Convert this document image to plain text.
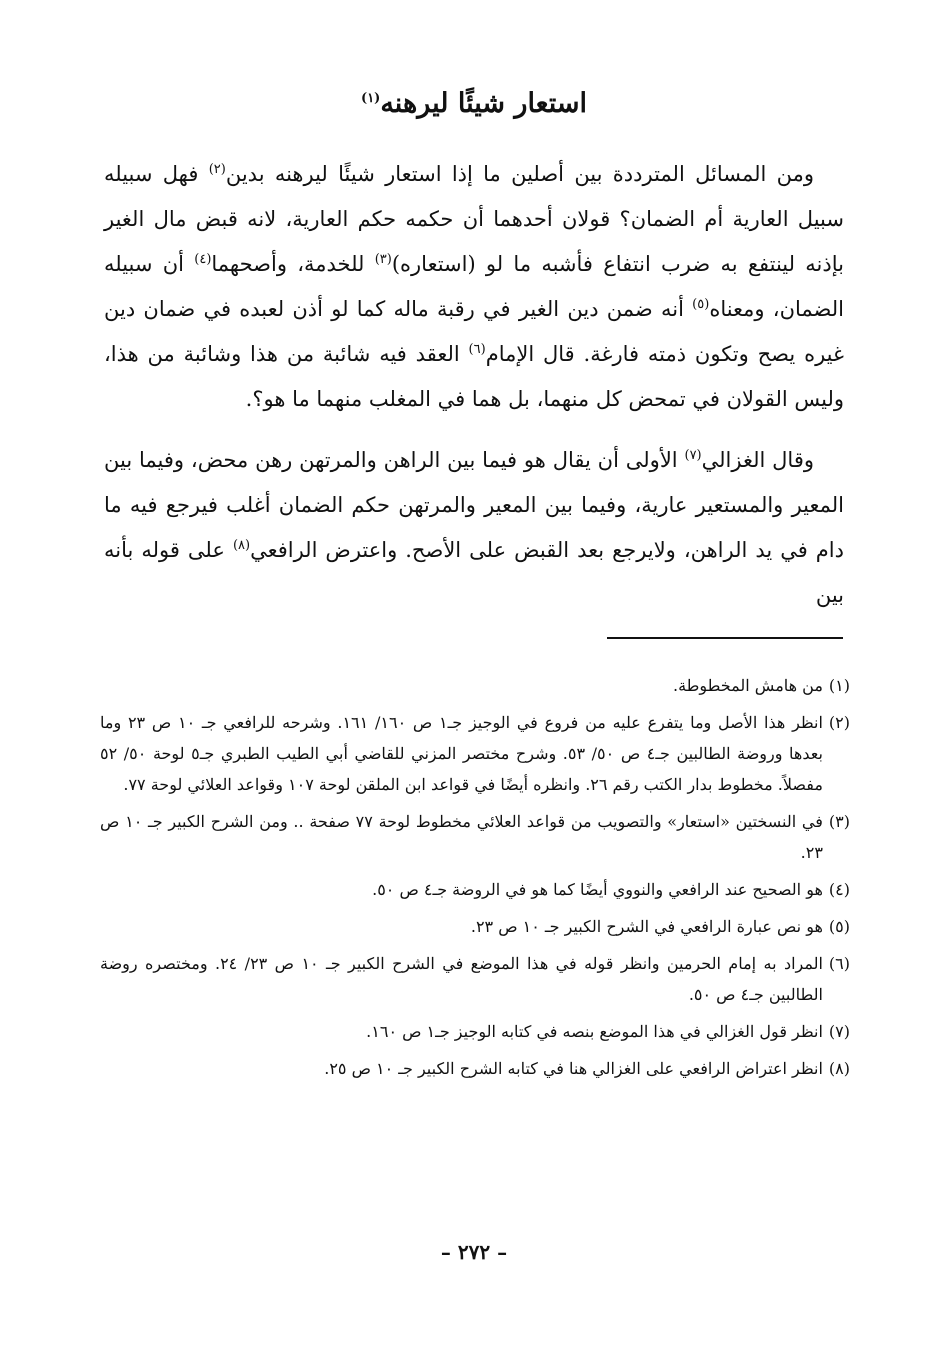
استعار شيئًا ليرهنه$^{(١)}$

ومن المسائل المترددة بين أصلين ما إذا استعار شيئًا ليرهنه بدين$^{(٢)}$ فهل سبيله سبيل العارية أم الضمان؟ قولان أحدهما أن حكمه حكم العارية، لانه قبض مال الغير بإذنه لينتفع به ضرب انتفاع فأشبه ما لو (استعاره)$^{(٣)}$ للخدمة، وأصحهما$^{(٤)}$ أن سبيله الضمان، ومعناه$^{(٥)}$ أنه ضمن دين الغير في رقبة ماله كما لو أذن لعبده في ضمان دين غيره يصح وتكون ذمته فارغة. قال الإمام$^{(٦)}$ العقد فيه شائبة من هذا وشائبة من هذا، وليس القولان في تمحض كل منهما، بل هما في المغلب منهما ما هو؟.

وقال الغزالي$^{(٧)}$ الأولى أن يقال هو فيما بين الراهن والمرتهن رهن محض، وفيما بين المعير والمستعير عارية، وفيما بين المعير والمرتهن حكم الضمان أغلب فيرجع فيه ما دام في يد الراهن، ولايرجع بعد القبض على الأصح. واعترض الرافعي$^{(٨)}$ على قوله بأنه بين

(١)
من هامش المخطوطة.
(٢)
انظر هذا الأصل وما يتفرع عليه من فروع في الوجيز جـ١ ص ١٦٠/ ١٦١. وشرحه للرافعي جـ ١٠ ص ٢٣ وما بعدها وروضة الطالبين جـ٤ ص ٥٠/ ٥٣. وشرح مختصر المزني للقاضي أبي الطيب الطبري جـ٥ لوحة ٥٠/ ٥٢ مفصلاً. مخطوط بدار الكتب رقم ٢٦. وانظره أيضًا في قواعد ابن الملقن لوحة ١٠٧ وقواعد العلائي لوحة ٧٧.
(٣)
في النسختين «استعار» والتصويب من قواعد العلائي مخطوط لوحة ٧٧ صفحة .. ومن الشرح الكبير جـ ١٠ ص ٢٣.
(٤)
هو الصحيح عند الرافعي والنووي أيضًا كما هو في الروضة جـ٤ ص ٥٠.
(٥)
هو نص عبارة الرافعي في الشرح الكبير جـ ١٠ ص ٢٣.
(٦)
المراد به إمام الحرمين وانظر قوله في هذا الموضع في الشرح الكبير جـ ١٠ ص ٢٣/ ٢٤. ومختصره روضة الطالبين جـ٤ ص ٥٠.
(٧)
انظر قول الغزالي في هذا الموضع بنصه في كتابه الوجيز جـ١ ص ١٦٠.
(٨)
انظر اعتراض الرافعي على الغزالي هنا في كتابه الشرح الكبير جـ ١٠ ص ٢٥.
– ٢٧٢ –
